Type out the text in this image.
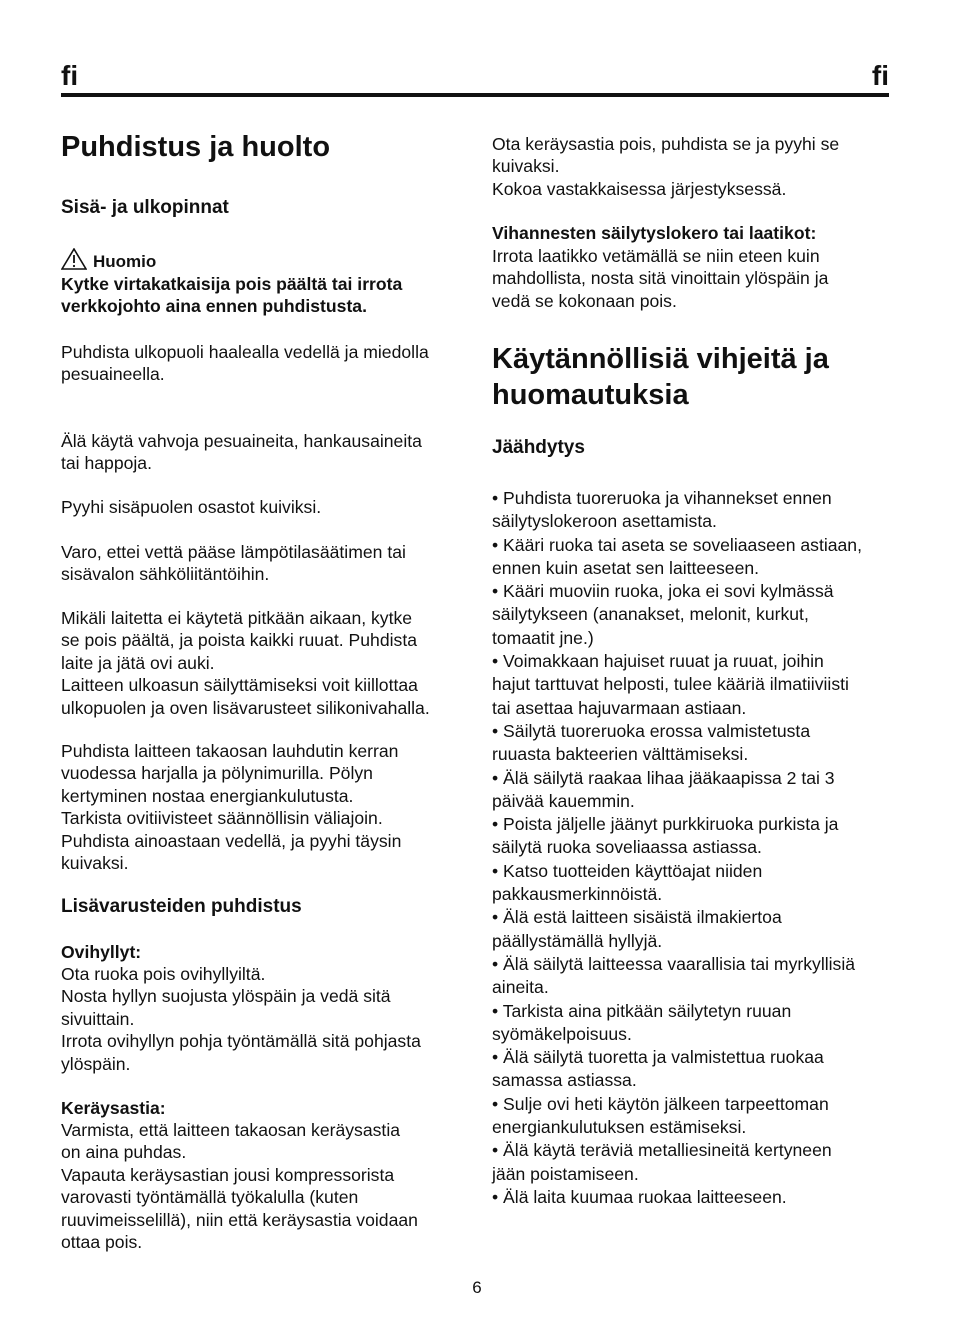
fi	fi
Puhdistus ja huolto
Sisä- ja ulkopinnat
Huomio

Kytke virtakatkaisija pois päältä tai irrota
verkkojohto aina ennen puhdistusta.

Puhdista ulkopuoli haalealla vedellä ja miedolla
pesuaineella.

Älä käytä vahvoja pesuaineita, hankausaineita
tai happoja.

Pyyhi sisäpuolen osastot kuiviksi.

Varo, ettei vettä pääse lämpötilasäätimen tai
sisävalon sähköliitäntöihin.

Mikäli laitetta ei käytetä pitkään aikaan, kytke
se pois päältä, ja poista kaikki ruuat. Puhdista
laite ja jätä ovi auki.
Laitteen ulkoasun säilyttämiseksi voit kiillottaa
ulkopuolen ja oven lisävarusteet silikonivahalla.

Puhdista laitteen takaosan lauhdutin kerran
vuodessa harjalla ja pölynimurilla. Pölyn
kertyminen nostaa energiankulutusta.
Tarkista ovitiivisteet säännöllisin väliajoin.
Puhdista ainoastaan vedellä, ja pyyhi täysin
kuivaksi.

Lisävarusteiden puhdistus

Ovihyllyt:

Ota ruoka pois ovihyllyiltä.
Nosta hyllyn suojusta ylöspäin ja vedä sitä
sivuittain.
Irrota ovihyllyn pohja työntämällä sitä pohjasta
ylöspäin.

Keräysastia:

Varmista, että laitteen takaosan keräysastia
on aina puhdas.
Vapauta keräysastian jousi kompressorista
varovasti työntämällä työkalulla (kuten
ruuvimeisselillä), niin että keräysastia voidaan
ottaa pois.

Ota keräysastia pois, puhdista se ja pyyhi se
kuivaksi.
Kokoa vastakkaisessa järjestyksessä.

Vihannesten säilytyslokero tai laatikot:

Irrota laatikko vetämällä se niin eteen kuin
mahdollista, nosta sitä vinoittain ylöspäin ja
vedä se kokonaan pois.

Käytännöllisiä vihjeitä ja
huomautuksia
Jäähdytys

• Puhdista tuoreruoka ja vihannekset ennen
säilytyslokeroon asettamista.
• Kääri ruoka tai aseta se soveliaaseen astiaan,
ennen kuin asetat sen laitteeseen.
• Kääri muoviin ruoka, joka ei sovi kylmässä
säilytykseen (ananakset, melonit, kurkut,
tomaatit jne.)
• Voimakkaan hajuiset ruuat ja ruuat, joihin
hajut tarttuvat helposti, tulee kääriä ilmatiiviisti
tai asettaa hajuvarmaan astiaan.
• Säilytä tuoreruoka erossa valmistetusta
ruuasta bakteerien välttämiseksi.
• Älä säilytä raakaa lihaa jääkaapissa 2 tai 3
päivää kauemmin.
• Poista jäljelle jäänyt purkkiruoka purkista ja
säilytä ruoka soveliaassa astiassa.
• Katso tuotteiden käyttöajat niiden
pakkausmerkinnöistä.
• Älä estä laitteen sisäistä ilmakiertoa
päällystämällä hyllyjä.
• Älä säilytä laitteessa vaarallisia tai myrkyllisiä
aineita.
• Tarkista aina pitkään säilytetyn ruuan
syömäkelpoisuus.
• Älä säilytä tuoretta ja valmistettua ruokaa
samassa astiassa.
• Sulje ovi heti käytön jälkeen tarpeettoman
energiankulutuksen estämiseksi.
• Älä käytä teräviä metalliesineitä kertyneen
jään poistamiseen.
• Älä laita kuumaa ruokaa laitteeseen.

6
